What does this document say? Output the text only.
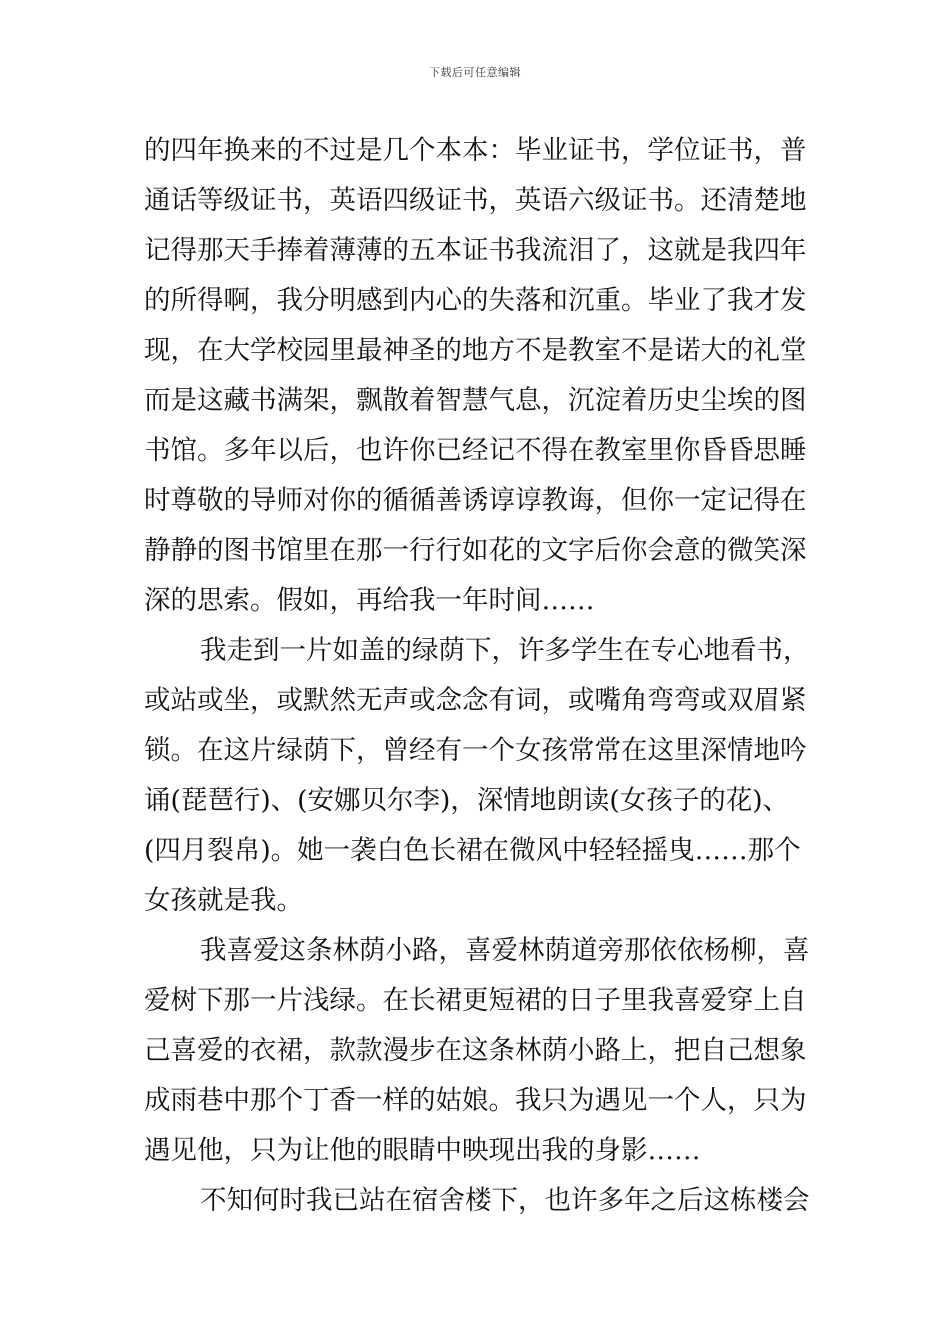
下载后可任意编辑
的四年换来的不过是几个本本：毕业证书，学位证书，普
通话等级证书，英语四级证书，英语六级证书。还清楚地
记得那天手捧着薄薄的五本证书我流泪了，这就是我四年
的所得啊，我分明感到内心的失落和沉重。毕业了我才发
现，在大学校园里最神圣的地方不是教室不是诺大的礼堂
而是这藏书满架，飘散着智慧气息，沉淀着历史尘埃的图
书馆。多年以后，也许你已经记不得在教室里你昏昏思睡
时尊敬的导师对你的循循善诱谆谆教诲，但你一定记得在
静静的图书馆里在那一行行如花的文字后你会意的微笑深
深的思索。假如，再给我一年时间……
我走到一片如盖的绿荫下，许多学生在专心地看书，
或站或坐，或默然无声或念念有词，或嘴角弯弯或双眉紧
锁。在这片绿荫下，曾经有一个女孩常常在这里深情地吟
诵(琵琶行)、(安娜贝尔李)，深情地朗读(女孩子的花)、
(四月裂帛)。她一袭白色长裙在微风中轻轻摇曳……那个
女孩就是我。
我喜爱这条林荫小路，喜爱林荫道旁那依依杨柳，喜
爱树下那一片浅绿。在长裙更短裙的日子里我喜爱穿上自
己喜爱的衣裙，款款漫步在这条林荫小路上，把自己想象
成雨巷中那个丁香一样的姑娘。我只为遇见一个人，只为
遇见他，只为让他的眼睛中映现出我的身影……
不知何时我已站在宿舍楼下，也许多年之后这栋楼会
